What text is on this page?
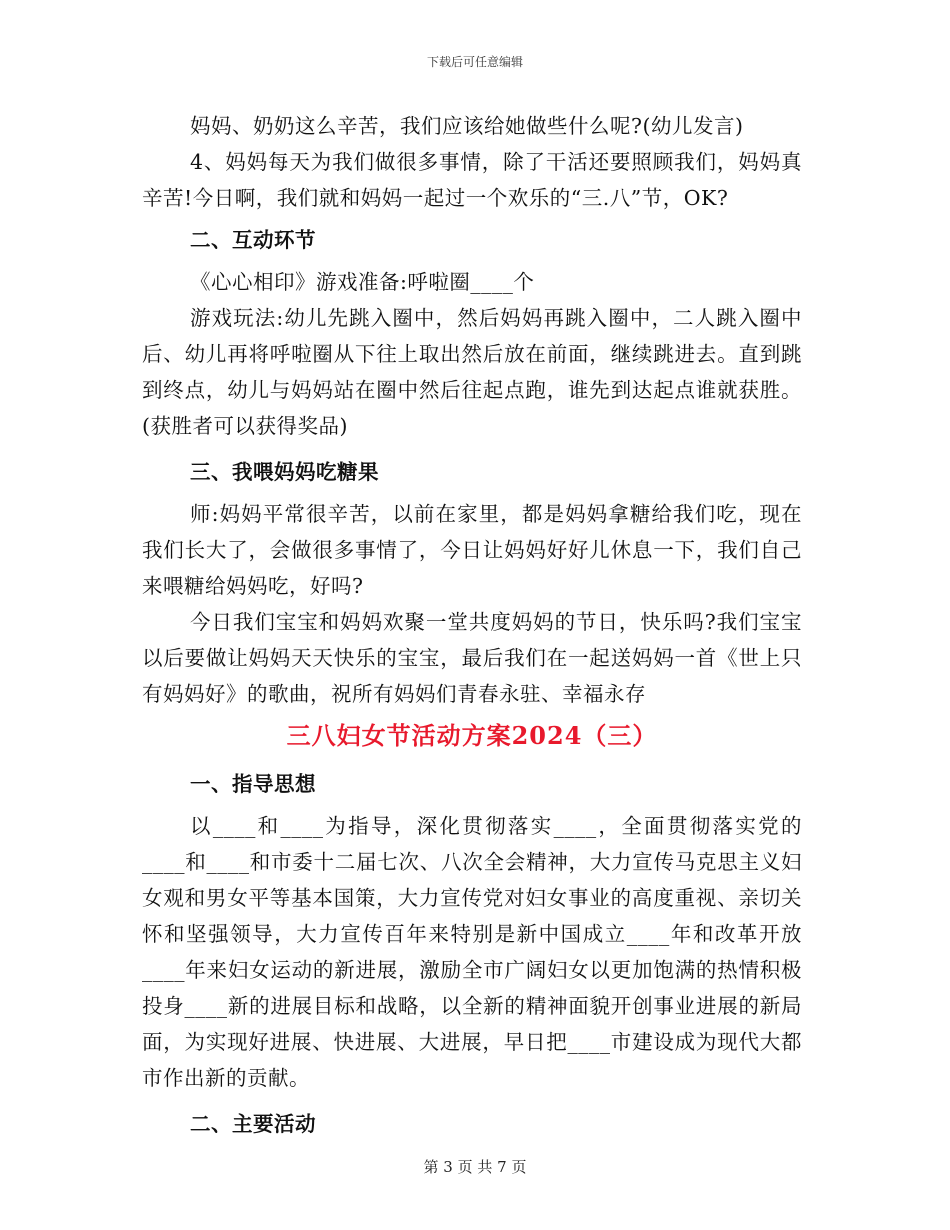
下载后可任意编辑

妈妈、奶奶这么辛苦，我们应该给她做些什么呢?(幼儿发言)

4、妈妈每天为我们做很多事情，除了干活还要照顾我们，妈妈真辛苦!今日啊，我们就和妈妈一起过一个欢乐的“三.八”节，OK?

二、互动环节

《心心相印》游戏准备:呼啦圈____个

游戏玩法:幼儿先跳入圈中，然后妈妈再跳入圈中，二人跳入圈中后、幼儿再将呼啦圈从下往上取出然后放在前面，继续跳进去。直到跳到终点，幼儿与妈妈站在圈中然后往起点跑，谁先到达起点谁就获胜。(获胜者可以获得奖品)

三、我喂妈妈吃糖果

师:妈妈平常很辛苦，以前在家里，都是妈妈拿糖给我们吃，现在我们长大了，会做很多事情了，今日让妈妈好好儿休息一下，我们自己来喂糖给妈妈吃，好吗?

今日我们宝宝和妈妈欢聚一堂共度妈妈的节日，快乐吗?我们宝宝以后要做让妈妈天天快乐的宝宝，最后我们在一起送妈妈一首《世上只有妈妈好》的歌曲，祝所有妈妈们青春永驻、幸福永存

三八妇女节活动方案2024（三）
一、指导思想

以____和____为指导，深化贯彻落实____，全面贯彻落实党的____和____和市委十二届七次、八次全会精神，大力宣传马克思主义妇女观和男女平等基本国策，大力宣传党对妇女事业的高度重视、亲切关怀和坚强领导，大力宣传百年来特别是新中国成立____年和改革开放____年来妇女运动的新进展，激励全市广阔妇女以更加饱满的热情积极投身____新的进展目标和战略，以全新的精神面貌开创事业进展的新局面，为实现好进展、快进展、大进展，早日把____市建设成为现代大都市作出新的贡献。

二、主要活动
第 3 页 共 7 页
